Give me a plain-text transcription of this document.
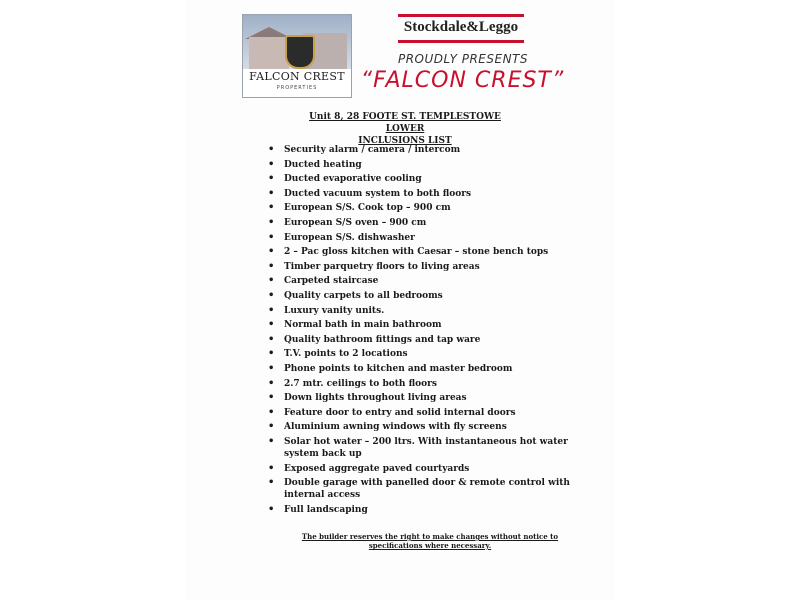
FALCON CREST
PROPERTIES
Stockdale&Leggo
PROUDLY PRESENTS
“FALCON CREST”
Unit 8, 28 FOOTE ST. TEMPLESTOWE LOWER
INCLUSIONS LIST
• Security alarm / camera / intercom
• Ducted heating
• Ducted evaporative cooling
• Ducted vacuum system to both floors
• European S/S. Cook top – 900 cm
• European S/S oven – 900 cm
• European S/S. dishwasher
• 2 – Pac gloss kitchen with Caesar – stone bench tops
• Timber parquetry floors to living areas
• Carpeted staircase
• Quality carpets to all bedrooms
• Luxury vanity units.
• Normal bath in main bathroom
• Quality bathroom fittings and tap ware
• T.V. points to 2 locations
• Phone points to kitchen and master bedroom
• 2.7 mtr. ceilings to both floors
• Down lights throughout living areas
• Feature door to entry and solid internal doors
• Aluminium awning windows with fly screens
• Solar hot water – 200 ltrs. With instantaneous hot water system back up
• Exposed aggregate paved courtyards
• Double garage with panelled door & remote control with internal access
• Full landscaping
The builder reserves the right to make changes without notice to
specifications where necessary.
